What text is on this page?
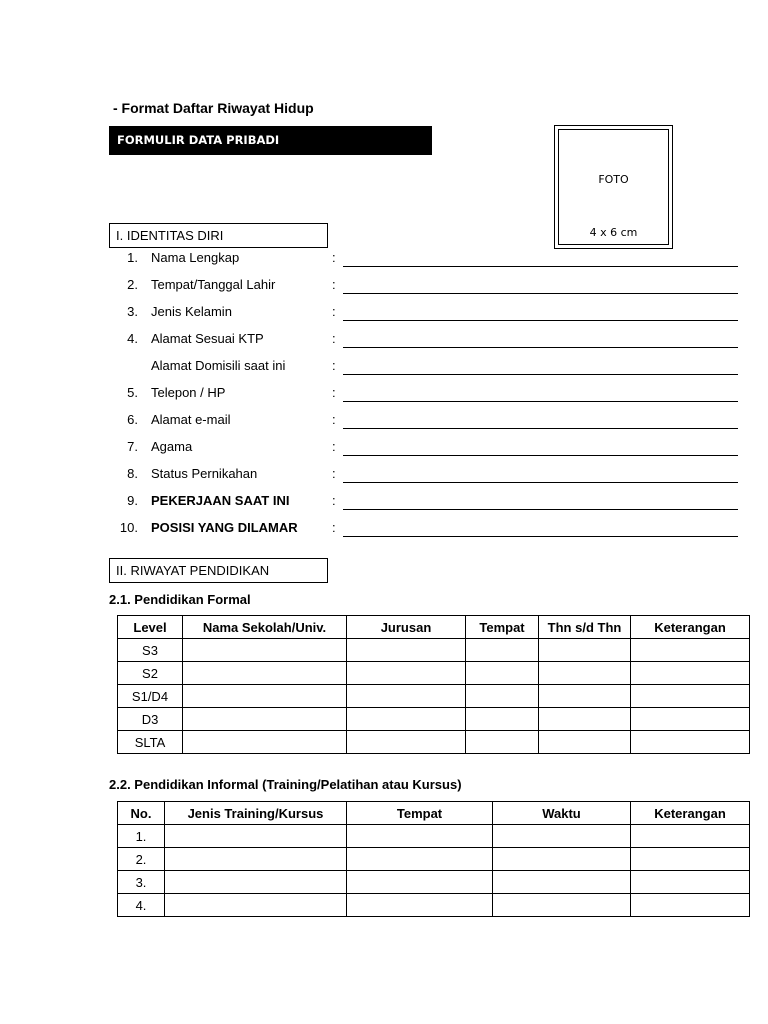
- Format Daftar Riwayat Hidup
FORMULIR DATA PRIBADI
FOTO
4 x 6 cm
I. IDENTITAS DIRI
1. Nama Lengkap	:
2. Tempat/Tanggal Lahir	:
3. Jenis Kelamin	:
4. Alamat Sesuai KTP	:
Alamat Domisili saat ini	:
5. Telepon / HP	:
6. Alamat e-mail	:
7. Agama	:
8. Status Pernikahan	:
9. PEKERJAAN SAAT INI	:
10. POSISI YANG DILAMAR	:
II. RIWAYAT PENDIDIKAN
2.1. Pendidikan Formal
Level	Nama Sekolah/Univ.	Jurusan	Tempat	Thn s/d Thn	Keterangan
S3					
S2					
S1/D4					
D3					
SLTA					
2.2. Pendidikan Informal (Training/Pelatihan atau Kursus)
No.	Jenis Training/Kursus	Tempat	Waktu	Keterangan
1.				
2.				
3.				
4.				
